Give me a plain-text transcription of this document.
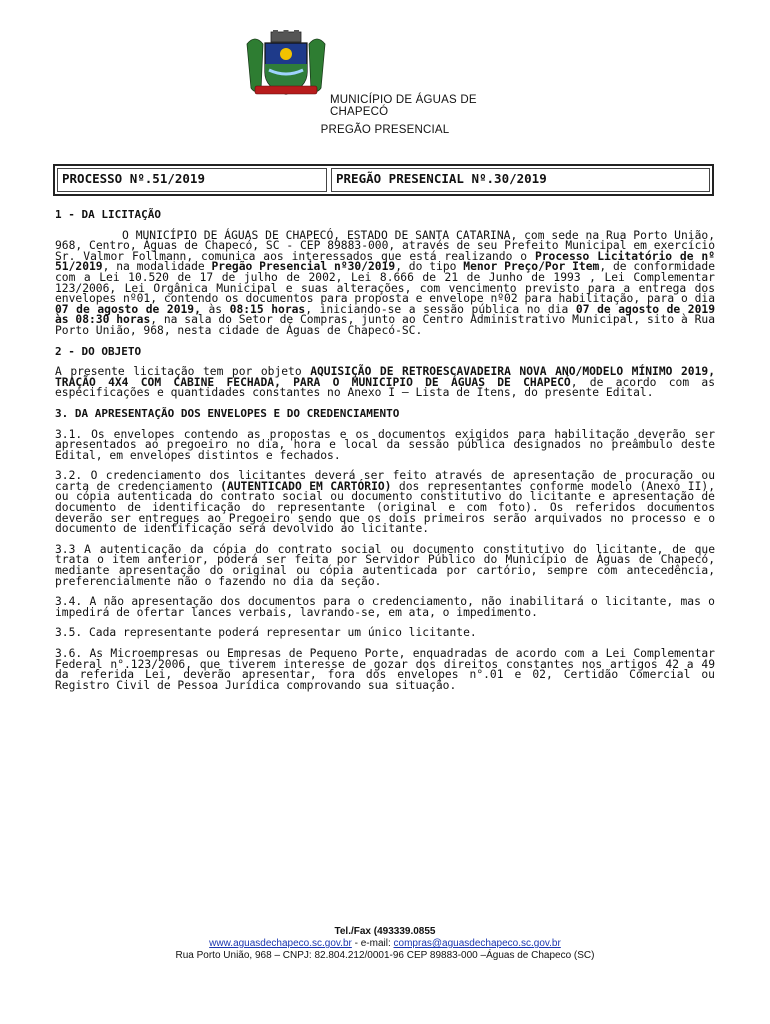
MUNICÍPIO DE ÁGUAS DE CHAPECÓ
PREGÃO PRESENCIAL
PROCESSO Nº.51/2019	PREGÃO PRESENCIAL Nº.30/2019
1 - DA LICITAÇÃO

O MUNICÍPIO DE ÁGUAS DE CHAPECÓ, ESTADO DE SANTA CATARINA, com sede na Rua Porto União, 968, Centro, Águas de Chapecó, SC - CEP 89883-000, através de seu Prefeito Municipal em exercício Sr. Valmor Follmann, comunica aos interessados que está realizando o Processo Licitatório de nº 51/2019, na modalidade Pregão Presencial nº30/2019, do tipo Menor Preço/Por Item, de conformidade com a Lei 10.520 de 17 de julho de 2002, Lei 8.666 de 21 de Junho de 1993 , Lei Complementar 123/2006, Lei Orgânica Municipal e suas alterações, com vencimento previsto para a entrega dos envelopes nº01, contendo os documentos para proposta e envelope nº02 para habilitação, para o dia 07 de agosto de 2019, às 08:15 horas, iniciando-se a sessão pública no dia 07 de agosto de 2019 às 08:30 horas, na sala do Setor de Compras, junto ao Centro Administrativo Municipal, sito à Rua Porto União, 968, nesta cidade de Águas de Chapecó-SC.

2 - DO OBJETO

A presente licitação tem por objeto AQUISIÇÃO DE RETROESCAVADEIRA NOVA ANO/MODELO MÍNIMO 2019, TRAÇÃO 4X4 COM CABINE FECHADA, PARA O MUNICIPIO DE ÁGUAS DE CHAPECÓ, de acordo com as especificações e quantidades constantes no Anexo I – Lista de Itens, do presente Edital.

3. DA APRESENTAÇÃO DOS ENVELOPES E DO CREDENCIAMENTO

3.1. Os envelopes contendo as propostas e os documentos exigidos para habilitação deverão ser apresentados ao pregoeiro no dia, hora e local da sessão pública designados no preâmbulo deste Edital, em envelopes distintos e fechados.

3.2. O credenciamento dos licitantes deverá ser feito através de apresentação de procuração ou carta de credenciamento (AUTENTICADO EM CARTÓRIO) dos representantes conforme modelo (Anexo II), ou cópia autenticada do contrato social ou documento constitutivo do licitante e apresentação de documento de identificação do representante (original e com foto). Os referidos documentos deverão ser entregues ao Pregoeiro sendo que os dois primeiros serão arquivados no processo e o documento de identificação será devolvido ao licitante.

3.3 A autenticação da cópia do contrato social ou documento constitutivo do licitante, de que trata o item anterior, poderá ser feita por Servidor Público do Município de Águas de Chapecó, mediante apresentação do original ou cópia autenticada por cartório, sempre com antecedência, preferencialmente não o fazendo no dia da seção.

3.4. A não apresentação dos documentos para o credenciamento, não inabilitará o licitante, mas o impedirá de ofertar lances verbais, lavrando-se, em ata, o impedimento.

3.5. Cada representante poderá representar um único licitante.

3.6. As Microempresas ou Empresas de Pequeno Porte, enquadradas de acordo com a Lei Complementar Federal n°.123/2006, que tiverem interesse de gozar dos direitos constantes nos artigos 42 a 49 da referida Lei, deverão apresentar, fora dos envelopes n°.01 e 02, Certidão Comercial ou Registro Civil de Pessoa Jurídica comprovando sua situação.

Tel./Fax (493339.0855
www.aguasdechapeco.sc.gov.br - e-mail: compras@aguasdechapeco.sc.gov.br
Rua Porto União, 968 – CNPJ: 82.804.212/0001-96 CEP 89883-000 –Águas de Chapeco (SC)
